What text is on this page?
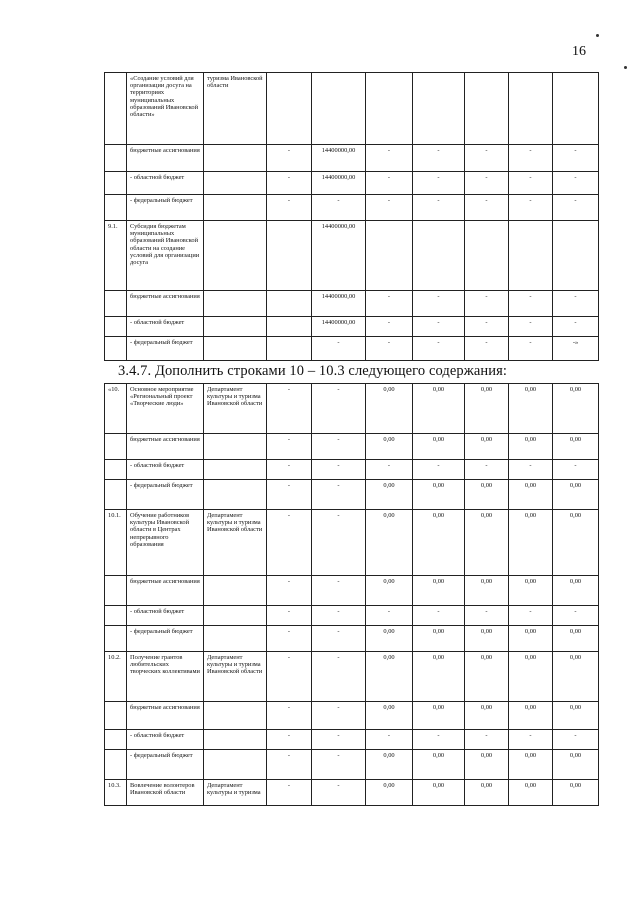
16
	«Создание условий для организации досуга на территориях муниципальных образований Ивановской области»	туризма Ивановской области							
	бюджетные ассигнования		-	14400000,00	-	-	-	-	-
	- областной бюджет		-	14400000,00	-	-	-	-	-
	- федеральный бюджет		-	-	-	-	-	-	-
9.1.	Субсидия бюджетам муниципальных образований Ивановской области на создание условий для организации досуга			14400000,00					
	бюджетные ассигнования			14400000,00	-	-	-	-	-
	- областной бюджет			14400000,00	-	-	-	-	-
	- федеральный бюджет			-	-	-	-	-	-»
3.4.7. Дополнить строками 10 – 10.3 следующего содержания:
«10.	Основное мероприятие «Региональный проект «Творческие люди»	Департамент культуры и туризма Ивановской области	-	-	0,00	0,00	0,00	0,00	0,00
	бюджетные ассигнования		-	-	0,00	0,00	0,00	0,00	0,00
	- областной бюджет		-	-	-	-	-	-	-
	- федеральный бюджет		-	-	0,00	0,00	0,00	0,00	0,00
10.1.	Обучение работников культуры Ивановской области в Центрах непрерывного образования	Департамент культуры и туризма Ивановской области	-	-	0,00	0,00	0,00	0,00	0,00
	бюджетные ассигнования		-	-	0,00	0,00	0,00	0,00	0,00
	- областной бюджет		-	-	-	-	-	-	-
	- федеральный бюджет		-	-	0,00	0,00	0,00	0,00	0,00
10.2.	Получение грантов любительских творческих коллективами	Департамент культуры и туризма Ивановской области	-	-	0,00	0,00	0,00	0,00	0,00
	бюджетные ассигнования		-	-	0,00	0,00	0,00	0,00	0,00
	- областной бюджет		-	-	-	-	-	-	-
	- федеральный бюджет		-	-	0,00	0,00	0,00	0,00	0,00
10.3.	Вовлечение волонтеров Ивановской области	Департамент культуры и туризма	-	-	0,00	0,00	0,00	0,00	0,00
